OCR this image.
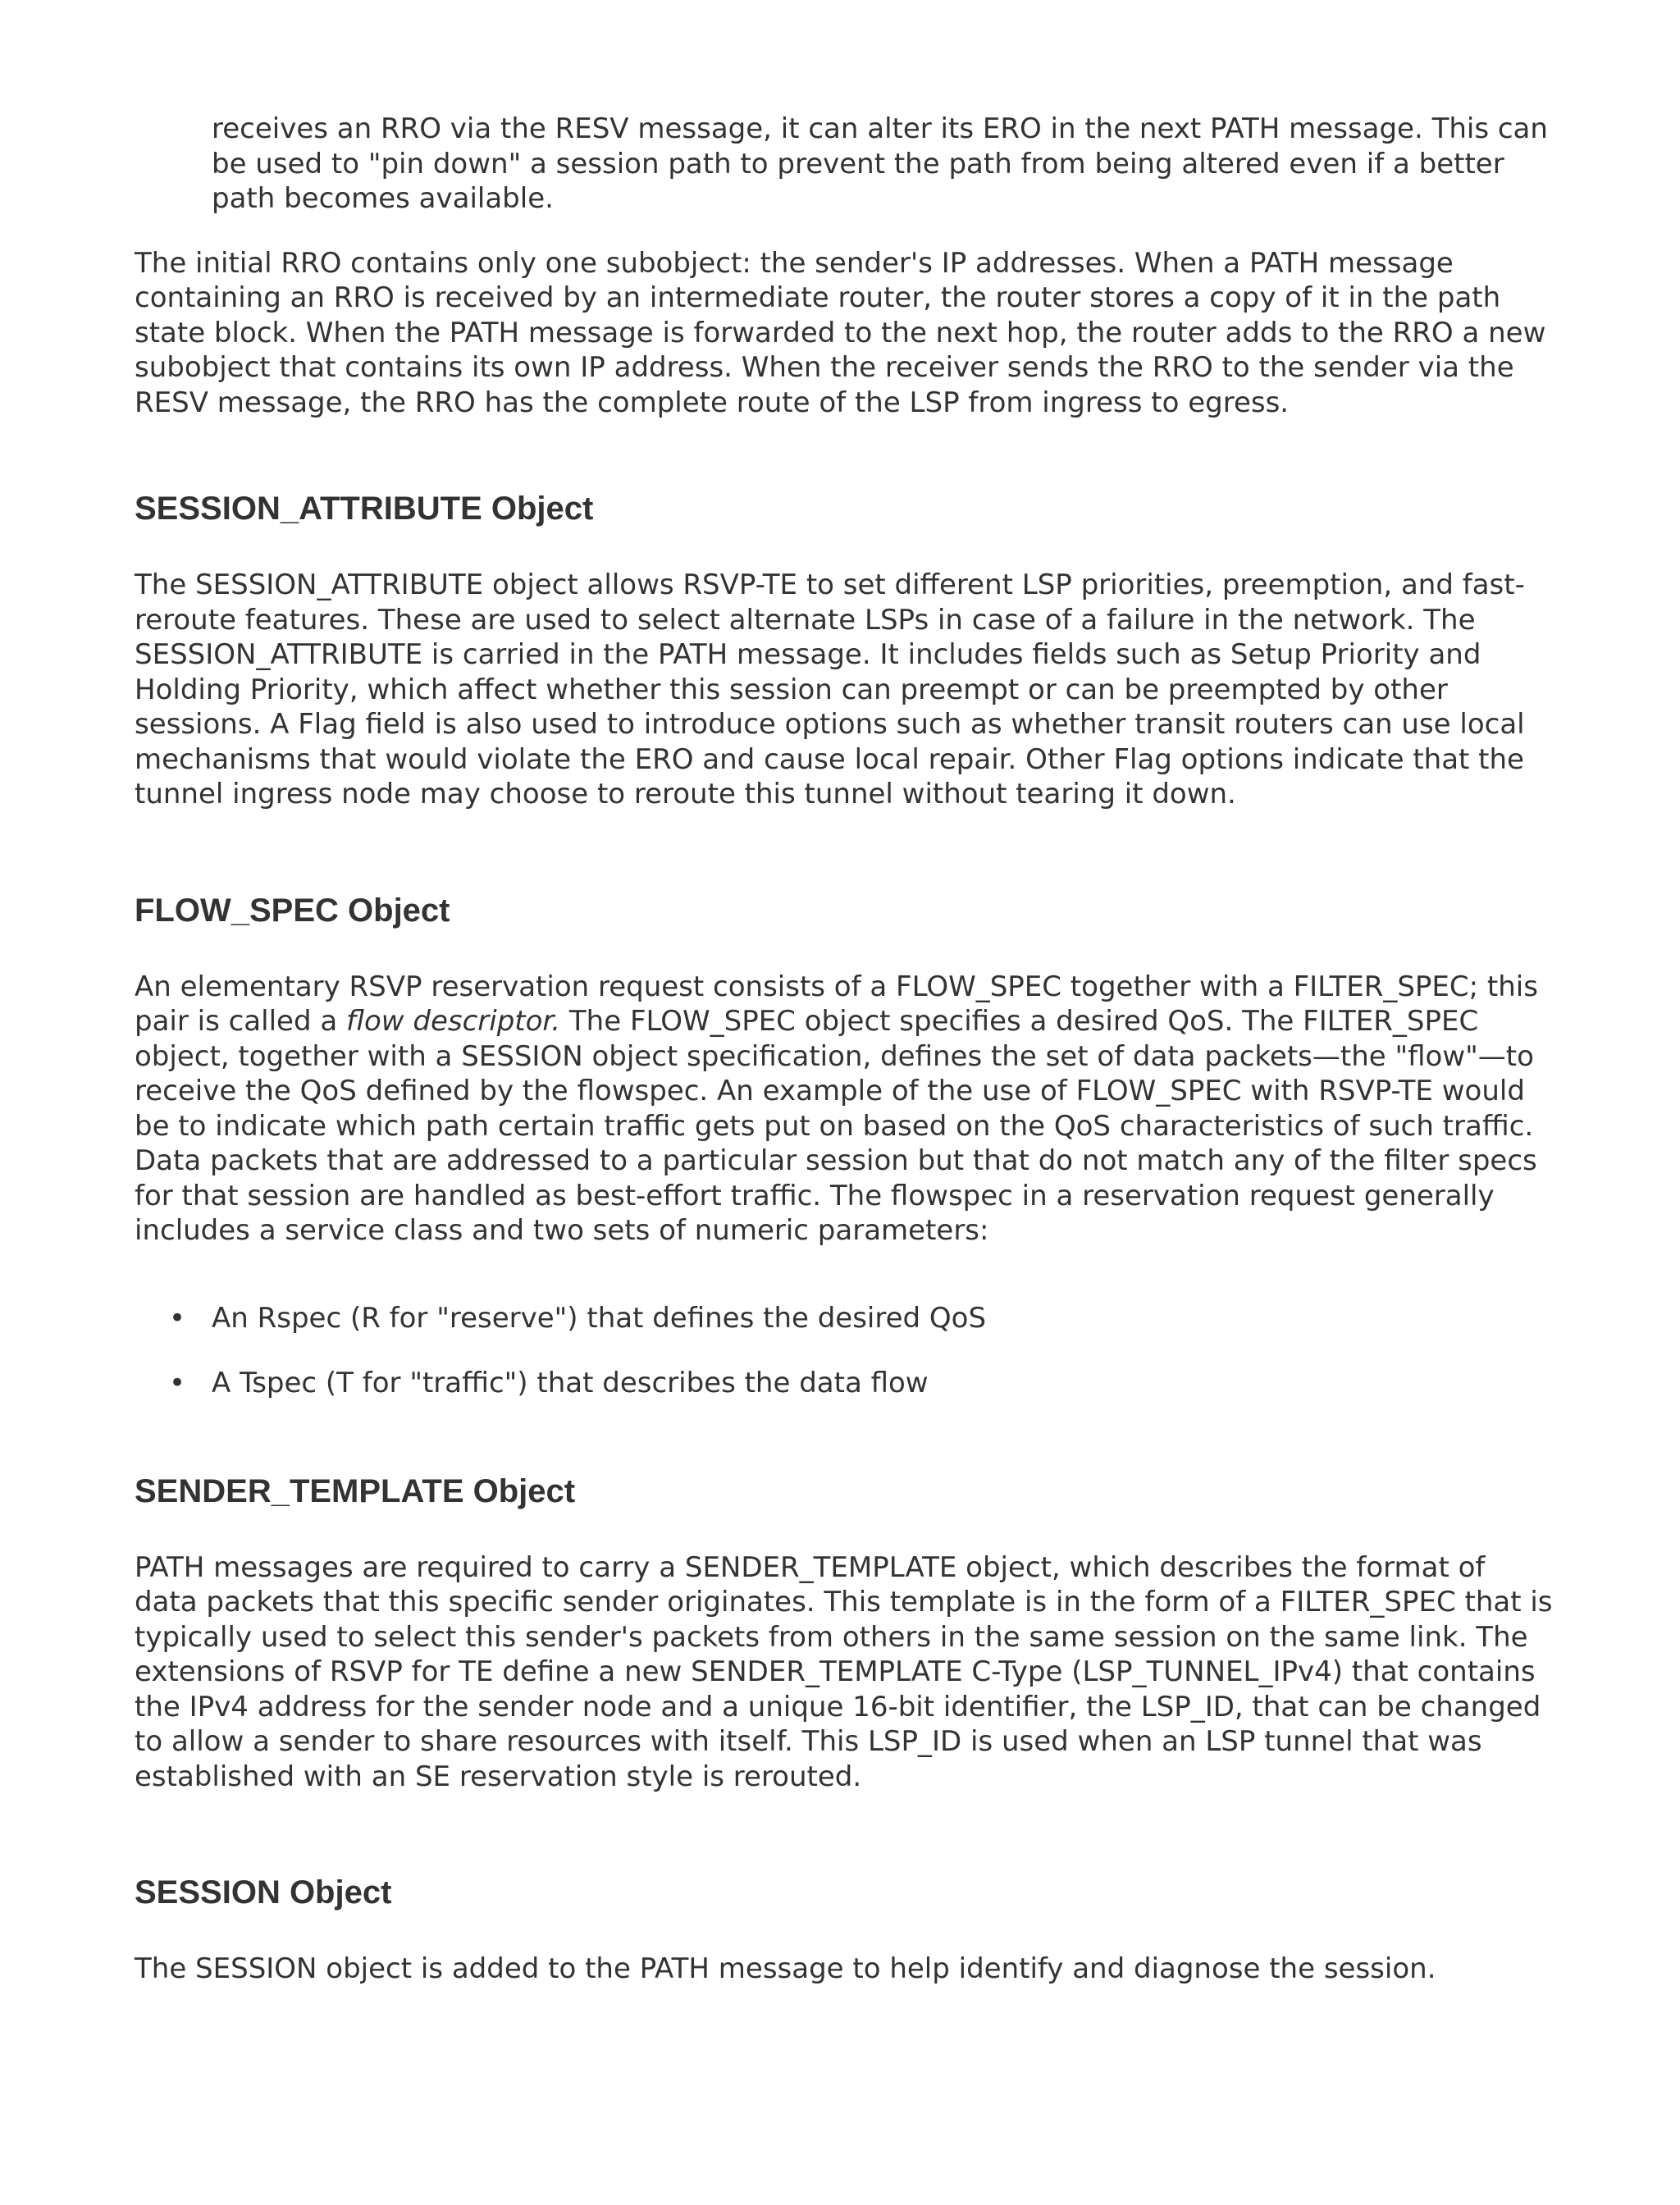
receives an RRO via the RESV message, it can alter its ERO in the next PATH message. This can be used to "pin down" a session path to prevent the path from being altered even if a better path becomes available.

The initial RRO contains only one subobject: the sender's IP addresses. When a PATH message containing an RRO is received by an intermediate router, the router stores a copy of it in the path state block. When the PATH message is forwarded to the next hop, the router adds to the RRO a new subobject that contains its own IP address. When the receiver sends the RRO to the sender via the RESV message, the RRO has the complete route of the LSP from ingress to egress.

SESSION_ATTRIBUTE Object

The SESSION_ATTRIBUTE object allows RSVP-TE to set different LSP priorities, preemption, and fast-reroute features. These are used to select alternate LSPs in case of a failure in the network. The SESSION_ATTRIBUTE is carried in the PATH message. It includes fields such as Setup Priority and Holding Priority, which affect whether this session can preempt or can be preempted by other sessions. A Flag field is also used to introduce options such as whether transit routers can use local mechanisms that would violate the ERO and cause local repair. Other Flag options indicate that the tunnel ingress node may choose to reroute this tunnel without tearing it down.

FLOW_SPEC Object

An elementary RSVP reservation request consists of a FLOW_SPEC together with a FILTER_SPEC; this pair is called a flow descriptor. The FLOW_SPEC object specifies a desired QoS. The FILTER_SPEC object, together with a SESSION object specification, defines the set of data packets—the "flow"—to receive the QoS defined by the flowspec. An example of the use of FLOW_SPEC with RSVP-TE would be to indicate which path certain traffic gets put on based on the QoS characteristics of such traffic. Data packets that are addressed to a particular session but that do not match any of the filter specs for that session are handled as best-effort traffic. The flowspec in a reservation request generally includes a service class and two sets of numeric parameters:

• An Rspec (R for "reserve") that defines the desired QoS
• A Tspec (T for "traffic") that describes the data flow
SENDER_TEMPLATE Object

PATH messages are required to carry a SENDER_TEMPLATE object, which describes the format of data packets that this specific sender originates. This template is in the form of a FILTER_SPEC that is typically used to select this sender's packets from others in the same session on the same link. The extensions of RSVP for TE define a new SENDER_TEMPLATE C-Type (LSP_TUNNEL_IPv4) that contains the IPv4 address for the sender node and a unique 16-bit identifier, the LSP_ID, that can be changed to allow a sender to share resources with itself. This LSP_ID is used when an LSP tunnel that was established with an SE reservation style is rerouted.

SESSION Object

The SESSION object is added to the PATH message to help identify and diagnose the session.
